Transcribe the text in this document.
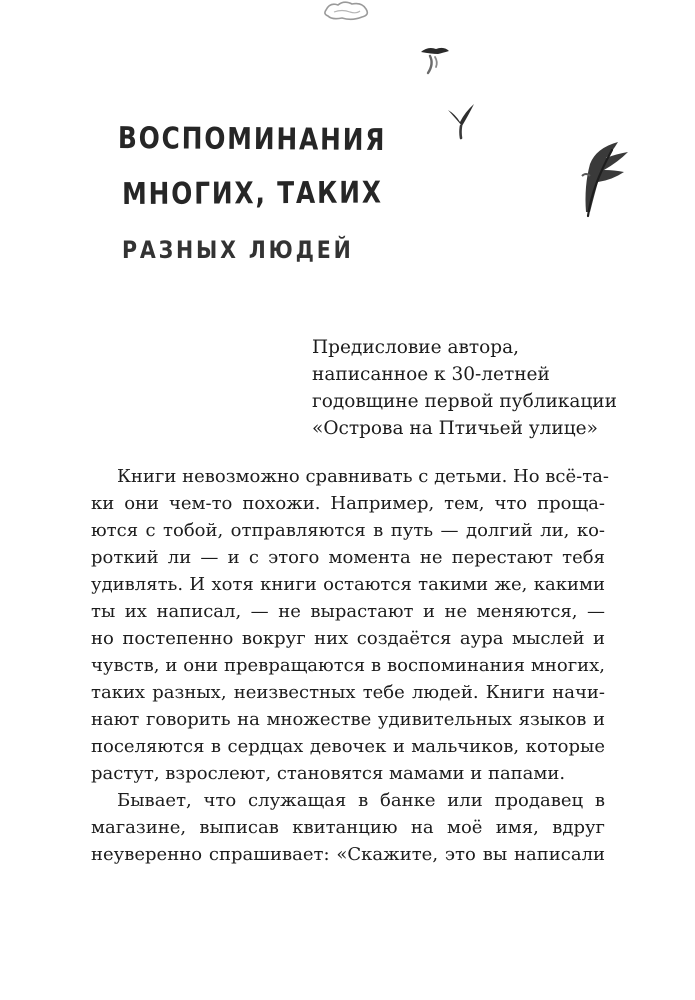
ВОСПОМИНАНИЯ
МНОГИХ, ТАКИХ
РАЗНЫХ ЛЮДЕЙ
Предисловие автора,
написанное к 30-летней
годовщине первой публикации
«Острова на Птичьей улице»
Книги невозможно сравнивать с детьми. Но всё-та-
ки они чем-то похожи. Например, тем, что проща-
ются с тобой, отправляются в путь — долгий ли, ко-
роткий ли — и с этого момента не перестают тебя
удивлять. И хотя книги остаются такими же, какими
ты их написал, — не вырастают и не меняются, —
но постепенно вокруг них создаётся аура мыслей и
чувств, и они превращаются в воспоминания многих,
таких разных, неизвестных тебе людей. Книги начи-
нают говорить на множестве удивительных языков и
поселяются в сердцах девочек и мальчиков, которые
растут, взрослеют, становятся мамами и папами.
Бывает, что служащая в банке или продавец в
магазине, выписав квитанцию на моё имя, вдруг
неуверенно спрашивает: «Скажите, это вы написали
